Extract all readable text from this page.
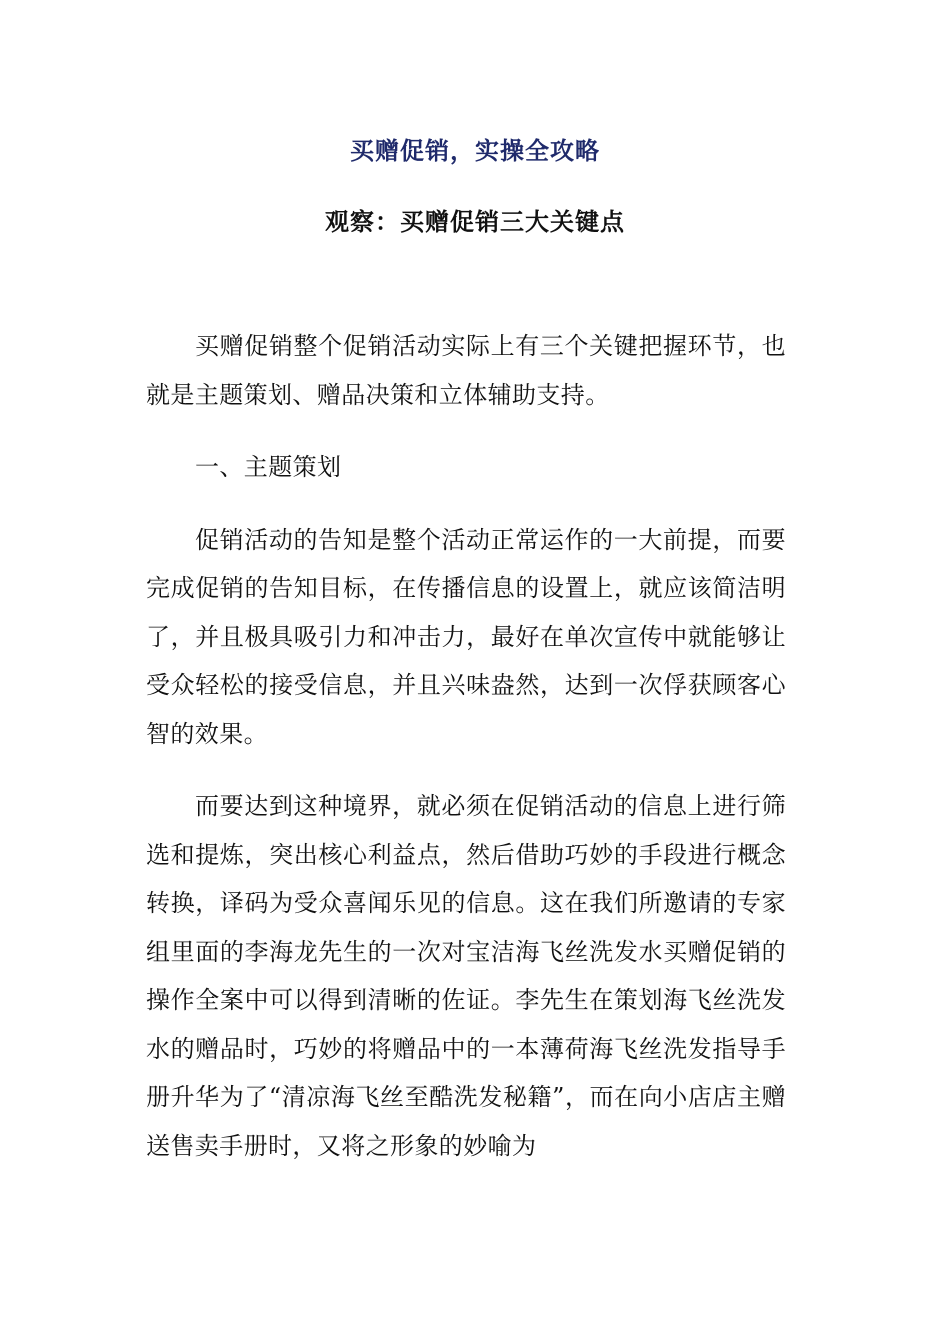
买赠促销，实操全攻略
观察：买赠促销三大关键点

买赠促销整个促销活动实际上有三个关键把握环节，也就是主题策划、赠品决策和立体辅助支持。

一、主题策划

促销活动的告知是整个活动正常运作的一大前提，而要完成促销的告知目标，在传播信息的设置上，就应该简洁明了，并且极具吸引力和冲击力，最好在单次宣传中就能够让受众轻松的接受信息，并且兴味盎然，达到一次俘获顾客心智的效果。

而要达到这种境界，就必须在促销活动的信息上进行筛选和提炼，突出核心利益点，然后借助巧妙的手段进行概念转换，译码为受众喜闻乐见的信息。这在我们所邀请的专家组里面的李海龙先生的一次对宝洁海飞丝洗发水买赠促销的操作全案中可以得到清晰的佐证。李先生在策划海飞丝洗发水的赠品时，巧妙的将赠品中的一本薄荷海飞丝洗发指导手册升华为了“清凉海飞丝至酷洗发秘籍”，而在向小店店主赠送售卖手册时，又将之形象的妙喻为
